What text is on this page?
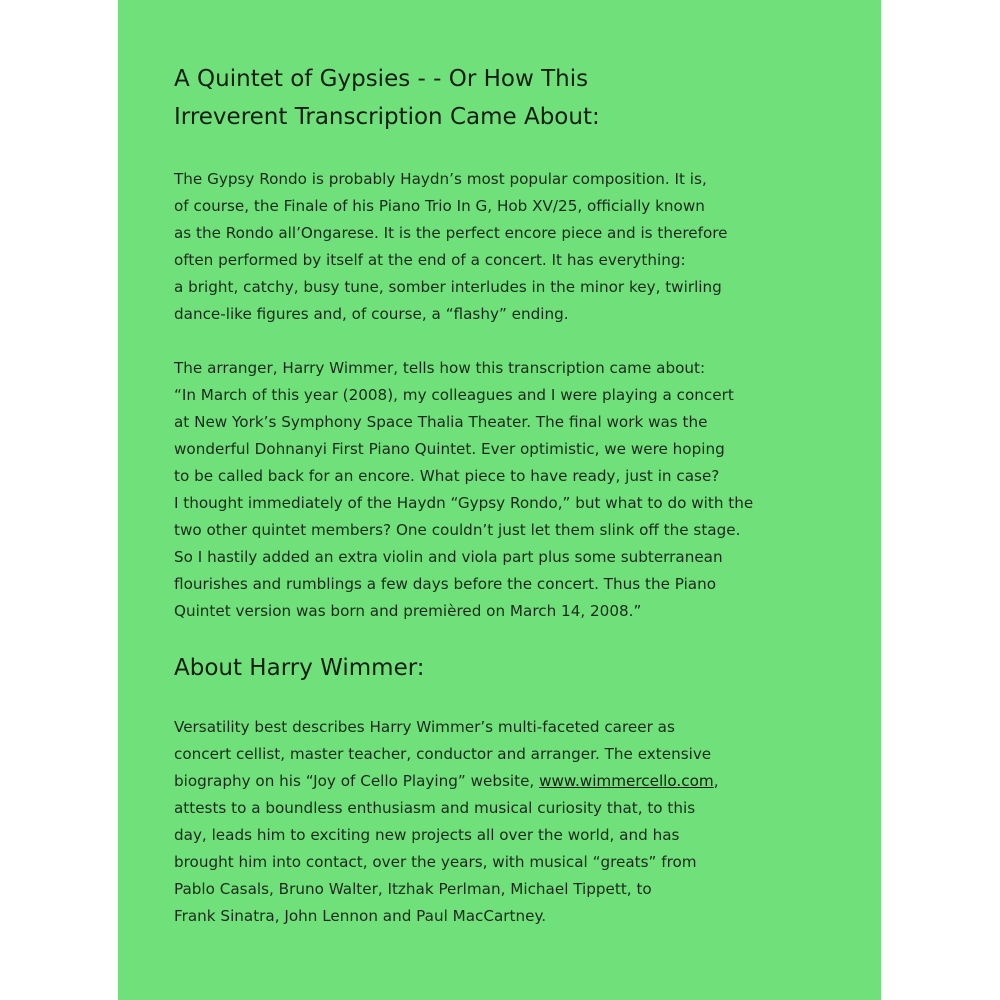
A Quintet of Gypsies - - Or How This
Irreverent Transcription Came About:

The Gypsy Rondo is probably Haydn’s most popular composition. It is,
of course, the Finale of his Piano Trio In G, Hob XV/25, officially known
as the Rondo all’Ongarese. It is the perfect encore piece and is therefore
often performed by itself at the end of a concert. It has everything:
a bright, catchy, busy tune, somber interludes in the minor key, twirling
dance-like figures and, of course, a “flashy” ending.

The arranger, Harry Wimmer, tells how this transcription came about:
“In March of this year (2008), my colleagues and I were playing a concert
at New York’s Symphony Space Thalia Theater. The final work was the
wonderful Dohnanyi First Piano Quintet. Ever optimistic, we were hoping
to be called back for an encore. What piece to have ready, just in case?
I thought immediately of the Haydn “Gypsy Rondo,” but what to do with the
two other quintet members? One couldn’t just let them slink off the stage.
So I hastily added an extra violin and viola part plus some subterranean
flourishes and rumblings a few days before the concert. Thus the Piano
Quintet version was born and premièred on March 14, 2008.”

About Harry Wimmer:

Versatility best describes Harry Wimmer’s multi-faceted career as
concert cellist, master teacher, conductor and arranger. The extensive
biography on his “Joy of Cello Playing” website, www.wimmercello.com,
attests to a boundless enthusiasm and musical curiosity that, to this
day, leads him to exciting new projects all over the world, and has
brought him into contact, over the years, with musical “greats” from
Pablo Casals, Bruno Walter, Itzhak Perlman, Michael Tippett, to
Frank Sinatra, John Lennon and Paul MacCartney.
